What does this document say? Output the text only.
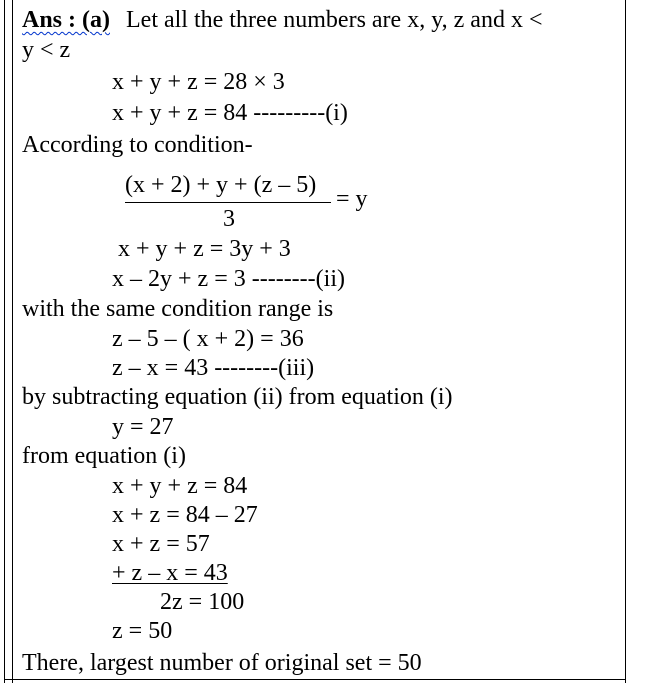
Ans : (a) Let all the three numbers are x, y, z and x <
y < z
x + y + z = 28 × 3
x + y + z = 84 ---------(i)
According to condition-
(x + 2) + y + (z – 5)
3
= y
x + y + z = 3y + 3
x – 2y + z = 3 --------(ii)
with the same condition range is
z – 5 – ( x + 2) = 36
z – x = 43 --------(iii)
by subtracting equation (ii) from equation (i)
y = 27
from equation (i)
x + y + z = 84
x + z = 84 – 27
x + z = 57
+ z – x = 43
2z = 100
z = 50
There, largest number of original set = 50
